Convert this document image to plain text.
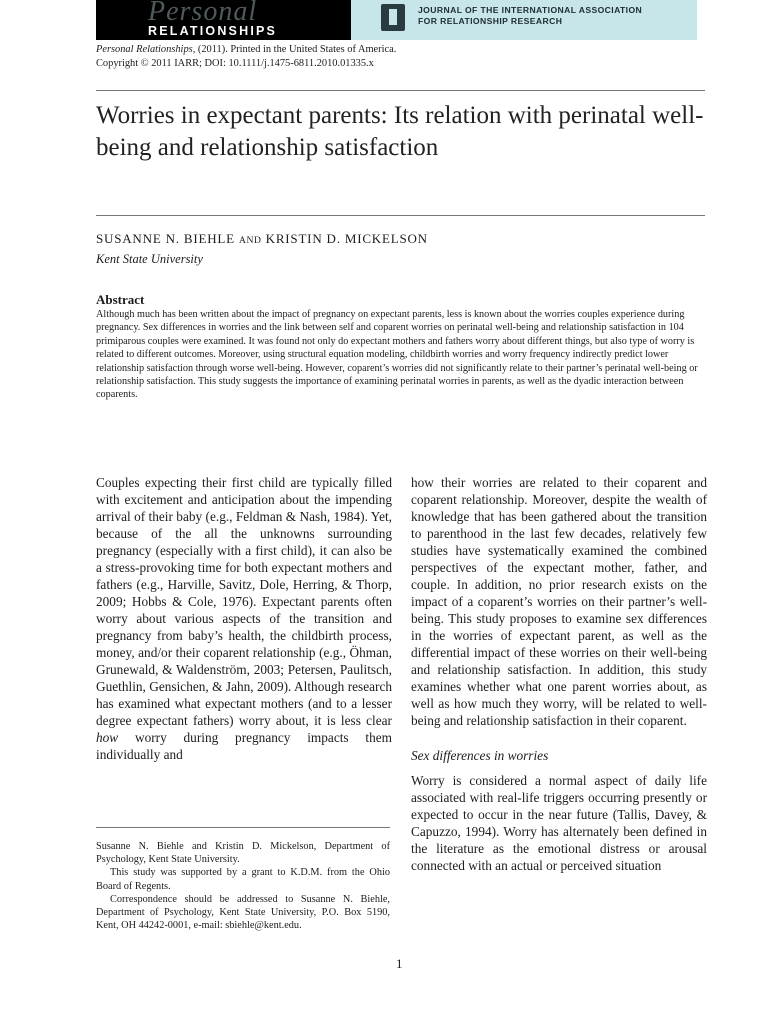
Personal
RELATIONSHIPS
JOURNAL OF THE INTERNATIONAL ASSOCIATION
FOR RELATIONSHIP RESEARCH
Personal Relationships, (2011). Printed in the United States of America.
Copyright © 2011 IARR; DOI: 10.1111/j.1475-6811.2010.01335.x
Worries in expectant parents: Its relation with perinatal well-being and relationship satisfaction
SUSANNE N. BIEHLE AND KRISTIN D. MICKELSON
Kent State University
Abstract
Although much has been written about the impact of pregnancy on expectant parents, less is known about the worries couples experience during pregnancy. Sex differences in worries and the link between self and coparent worries on perinatal well-being and relationship satisfaction in 104 primiparous couples were examined. It was found not only do expectant mothers and fathers worry about different things, but also type of worry is related to different outcomes. Moreover, using structural equation modeling, childbirth worries and worry frequency indirectly predict lower relationship satisfaction through worse well-being. However, coparent’s worries did not significantly relate to their partner’s perinatal well-being or relationship satisfaction. This study suggests the importance of examining perinatal worries in parents, as well as the dyadic interaction between coparents.

Couples expecting their first child are typically filled with excitement and anticipation about the impending arrival of their baby (e.g., Feldman & Nash, 1984). Yet, because of the all the unknowns surrounding pregnancy (especially with a first child), it can also be a stress-provoking time for both expectant mothers and fathers (e.g., Harville, Savitz, Dole, Herring, & Thorp, 2009; Hobbs & Cole, 1976). Expectant parents often worry about various aspects of the transition and pregnancy from baby’s health, the childbirth process, money, and/or their coparent relationship (e.g., Öhman, Grunewald, & Waldenström, 2003; Petersen, Paulitsch, Guethlin, Gensichen, & Jahn, 2009). Although research has examined what expectant mothers (and to a lesser degree expectant fathers) worry about, it is less clear how worry during pregnancy impacts them individually and

how their worries are related to their coparent and coparent relationship. Moreover, despite the wealth of knowledge that has been gathered about the transition to parenthood in the last few decades, relatively few studies have systematically examined the combined perspectives of the expectant mother, father, and couple. In addition, no prior research exists on the impact of a coparent’s worries on their partner’s well-being. This study proposes to examine sex differences in the worries of expectant parent, as well as the differential impact of these worries on their well-being and relationship satisfaction. In addition, this study examines whether what one parent worries about, as well as how much they worry, will be related to well-being and relationship satisfaction in their coparent.

Sex differences in worries

Worry is considered a normal aspect of daily life associated with real-life triggers occurring presently or expected to occur in the near future (Tallis, Davey, & Capuzzo, 1994). Worry has alternately been defined in the literature as the emotional distress or arousal connected with an actual or perceived situation

Susanne N. Biehle and Kristin D. Mickelson, Department of Psychology, Kent State University.

This study was supported by a grant to K.D.M. from the Ohio Board of Regents.

Correspondence should be addressed to Susanne N. Biehle, Department of Psychology, Kent State University, P.O. Box 5190, Kent, OH 44242-0001, e-mail: sbiehle@kent.edu.

1
